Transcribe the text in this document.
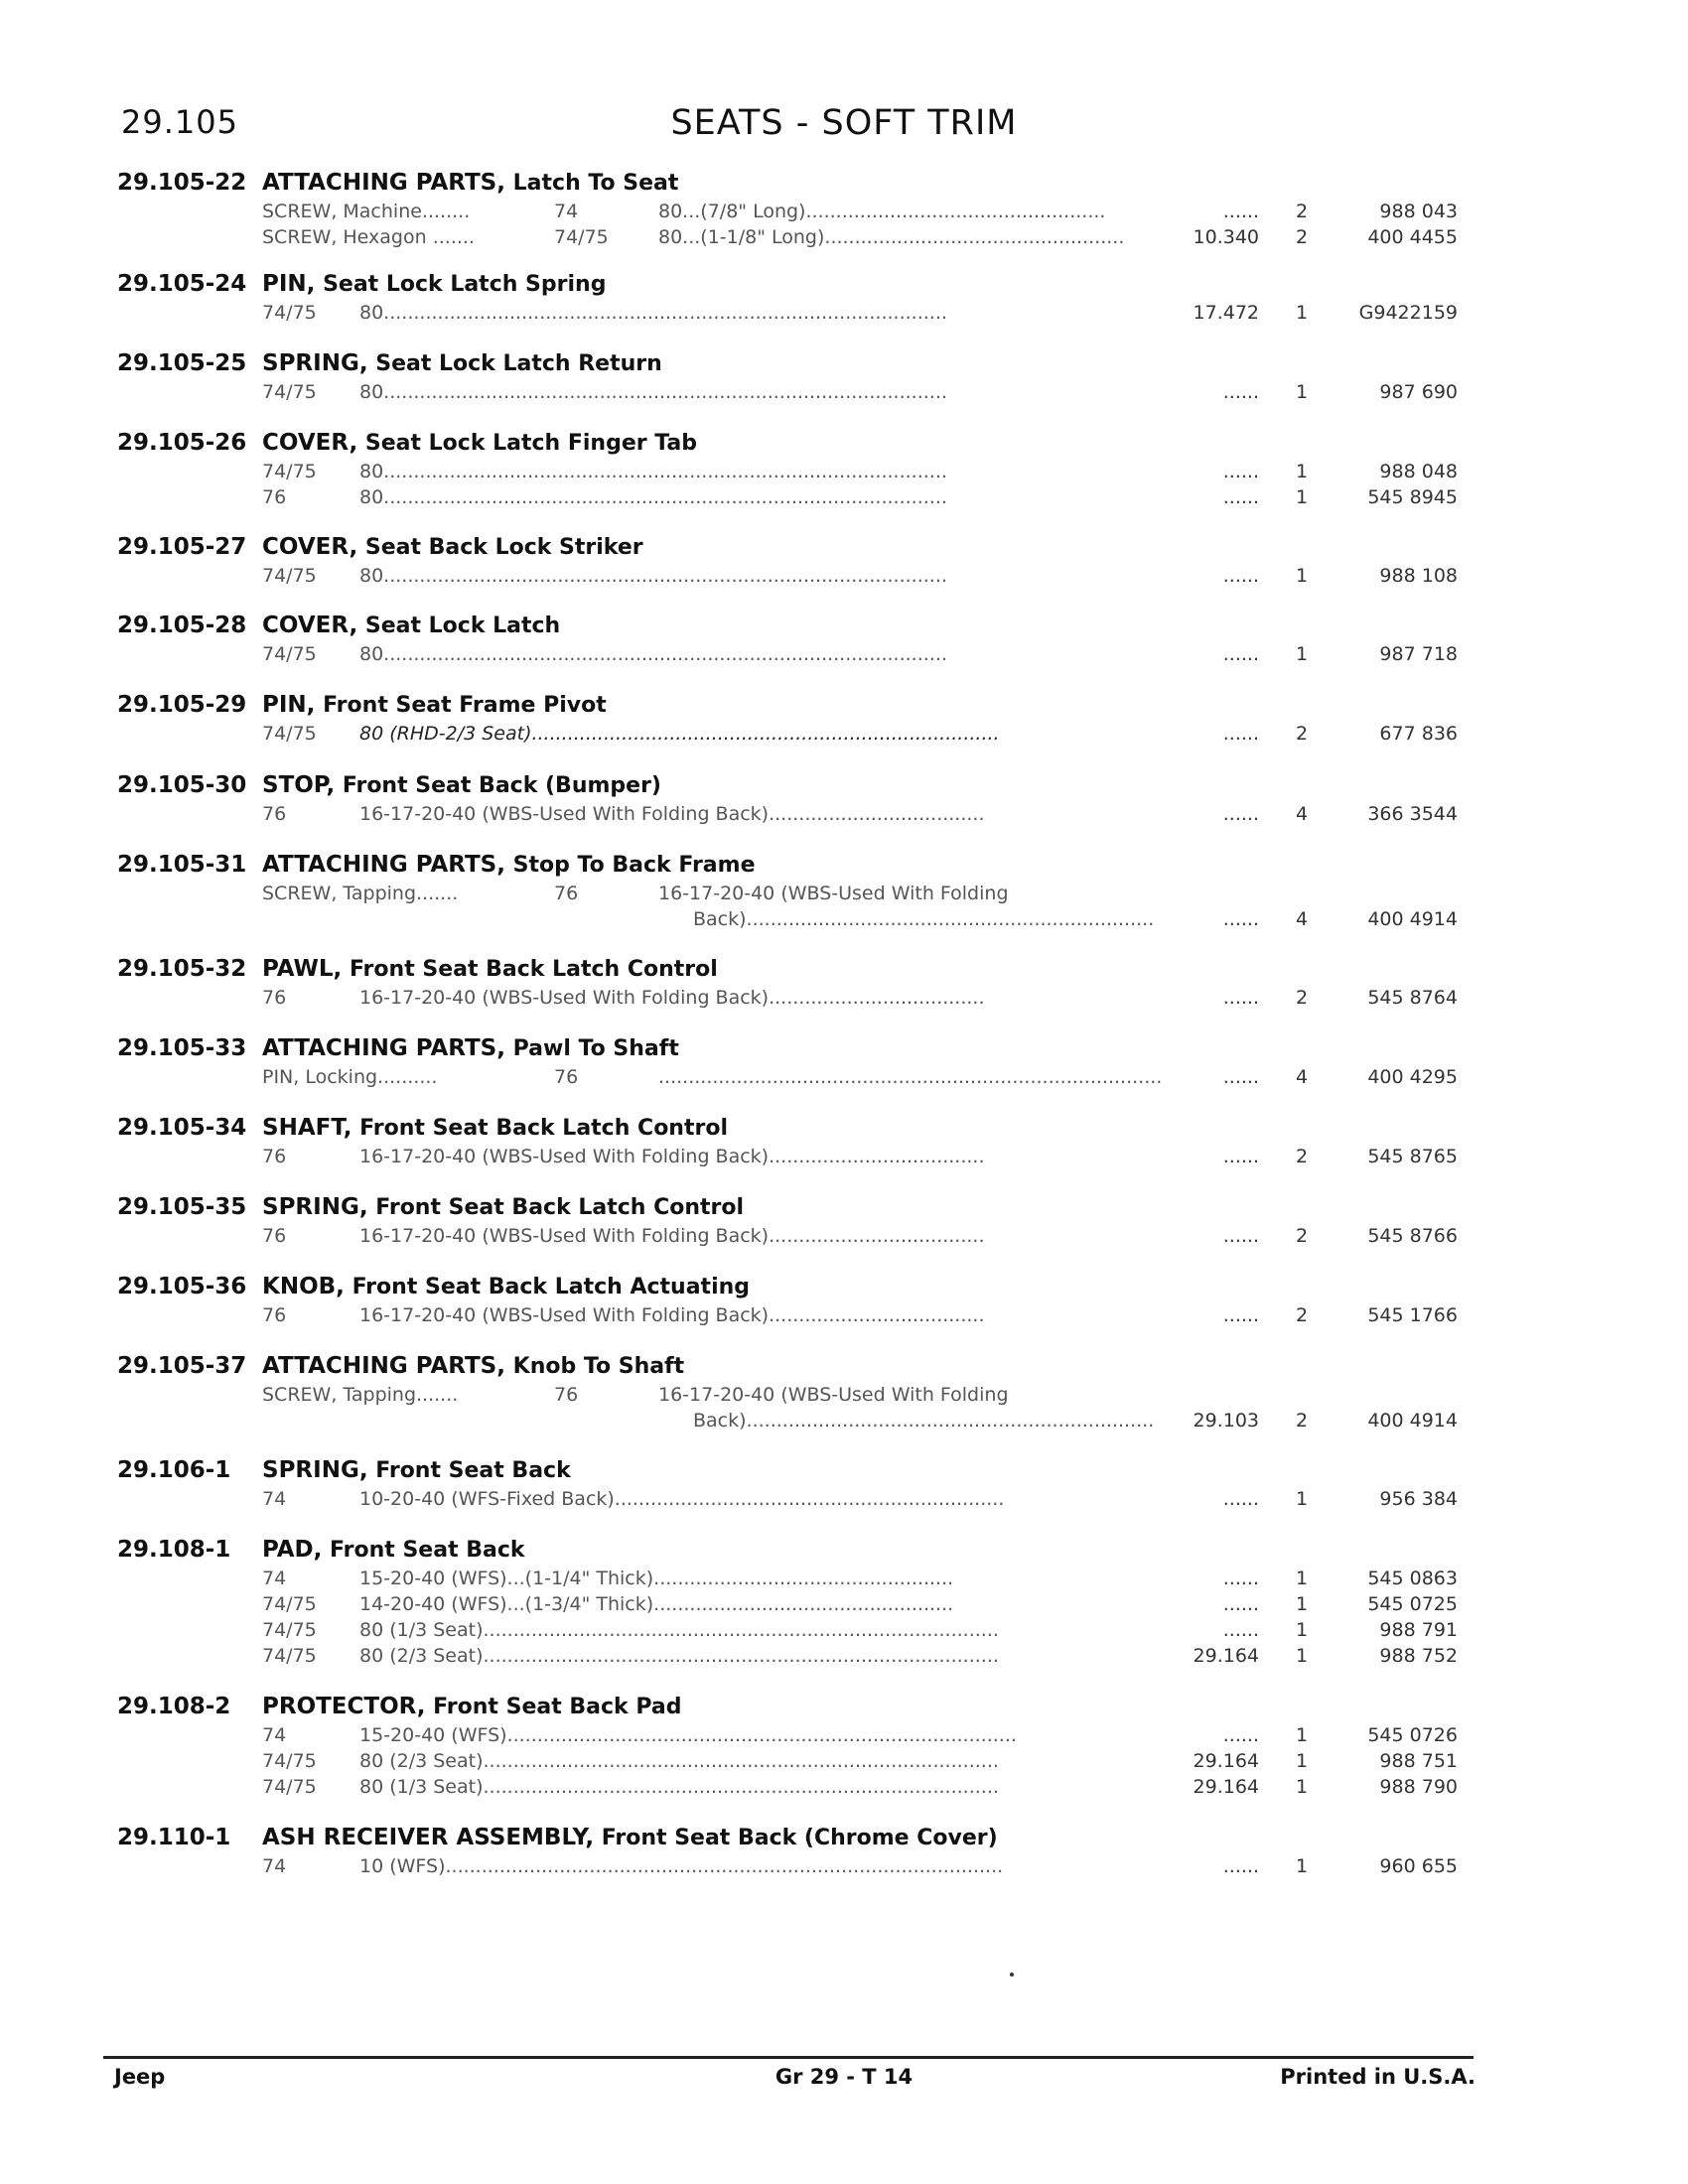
29.105	SEATS - SOFT TRIM
29.105-22 ATTACHING PARTS, Latch To Seat
SCREW, Machine........	74	80...(7/8" Long)..................................................	......	2	988 043
SCREW, Hexagon .......	74/75	80...(1-1/8" Long)..................................................	10.340	2	400 4455
29.105-24 PIN, Seat Lock Latch Spring
74/75 80..............................................................................................	17.472	1	G9422159
29.105-25 SPRING, Seat Lock Latch Return
74/75 80..............................................................................................	......	1	987 690
29.105-26 COVER, Seat Lock Latch Finger Tab
74/75 80..............................................................................................	......	1	988 048
76	80..............................................................................................	......	1	545 8945
29.105-27 COVER, Seat Back Lock Striker
74/75 80..............................................................................................	......	1	988 108
29.105-28 COVER, Seat Lock Latch
74/75 80..............................................................................................	......	1	987 718
29.105-29 PIN, Front Seat Frame Pivot
74/75 80 (RHD-2/3 Seat)..............................................................................	......	2	677 836
29.105-30 STOP, Front Seat Back (Bumper)
76	16-17-20-40 (WBS-Used With Folding Back)....................................	......	4	366 3544
29.105-31 ATTACHING PARTS, Stop To Back Frame
SCREW, Tapping.......	76	16-17-20-40 (WBS-Used With Folding
Back)....................................................................	......	4	400 4914
29.105-32 PAWL, Front Seat Back Latch Control
76	16-17-20-40 (WBS-Used With Folding Back)....................................	......	2	545 8764
29.105-33 ATTACHING PARTS, Pawl To Shaft
PIN, Locking..........	76	....................................................................................	......	4	400 4295
29.105-34 SHAFT, Front Seat Back Latch Control
76	16-17-20-40 (WBS-Used With Folding Back)....................................	......	2	545 8765
29.105-35 SPRING, Front Seat Back Latch Control
76	16-17-20-40 (WBS-Used With Folding Back)....................................	......	2	545 8766
29.105-36 KNOB, Front Seat Back Latch Actuating
76	16-17-20-40 (WBS-Used With Folding Back)....................................	......	2	545 1766
29.105-37 ATTACHING PARTS, Knob To Shaft
SCREW, Tapping.......	76	16-17-20-40 (WBS-Used With Folding
Back)....................................................................	29.103	2	400 4914
29.106-1 SPRING, Front Seat Back
74	10-20-40 (WFS-Fixed Back).................................................................	......	1	956 384
29.108-1 PAD, Front Seat Back
74	15-20-40 (WFS)...(1-1/4" Thick)..................................................	......	1	545 0863
74/75 14-20-40 (WFS)...(1-3/4" Thick)..................................................	......	1	545 0725
74/75 80 (1/3 Seat)......................................................................................	......	1	988 791
74/75 80 (2/3 Seat)......................................................................................	29.164	1	988 752
29.108-2 PROTECTOR, Front Seat Back Pad
74	15-20-40 (WFS).....................................................................................	......	1	545 0726
74/75 80 (2/3 Seat)......................................................................................	29.164	1	988 751
74/75 80 (1/3 Seat)......................................................................................	29.164	1	988 790
29.110-1 ASH RECEIVER ASSEMBLY, Front Seat Back (Chrome Cover)
74	10 (WFS).............................................................................................	......	1	960 655
Jeep	Gr 29 - T 14	Printed in U.S.A.
